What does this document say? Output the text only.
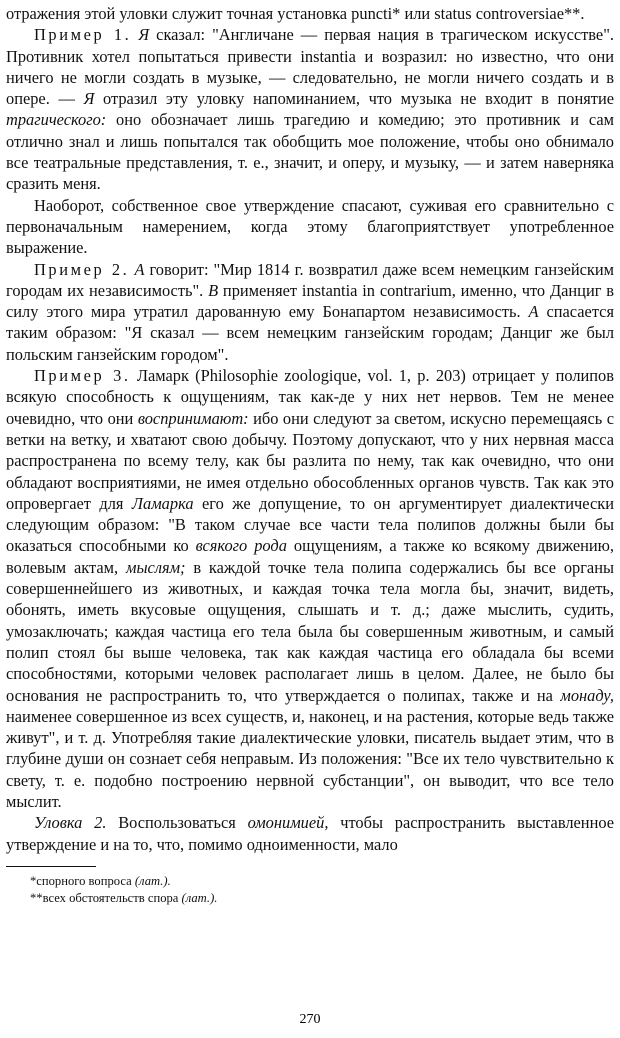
отражения этой уловки служит точная установка puncti* или status controversiae**.

Пример 1. Я сказал: "Англичане — первая нация в трагическом искусстве". Противник хотел попытаться привести instantia и возразил: но известно, что они ничего не могли создать в музыке, — следовательно, не могли ничего создать и в опере. — Я отразил эту уловку напоминанием, что музыка не входит в понятие трагического: оно обозначает лишь трагедию и комедию; это противник и сам отлично знал и лишь попытался так обобщить мое положение, чтобы оно обнимало все театральные представления, т. е., значит, и оперу, и музыку, — и затем наверняка сразить меня.

Наоборот, собственное свое утверждение спасают, суживая его сравнительно с первоначальным намерением, когда этому благоприятствует употребленное выражение.

Пример 2. А говорит: "Мир 1814 г. возвратил даже всем немецким ганзейским городам их независимость". В применяет instantia in contrarium, именно, что Данциг в силу этого мира утратил дарованную ему Бонапартом независимость. А спасается таким образом: "Я сказал — всем немецким ганзейским городам; Данциг же был польским ганзейским городом".

Пример 3. Ламарк (Philosophie zoologique, vol. 1, p. 203) отрицает у полипов всякую способность к ощущениям, так как-де у них нет нервов. Тем не менее очевидно, что они воспринимают: ибо они следуют за светом, искусно перемещаясь с ветки на ветку, и хватают свою добычу. Поэтому допускают, что у них нервная масса распространена по всему телу, как бы разлита по нему, так как очевидно, что они обладают восприятиями, не имея отдельно обособленных органов чувств. Так как это опровергает для Ламарка его же допущение, то он аргументирует диалектически следующим образом: "В таком случае все части тела полипов должны были бы оказаться способными ко всякого рода ощущениям, а также ко всякому движению, волевым актам, мыслям; в каждой точке тела полипа содержались бы все органы совершеннейшего из животных, и каждая точка тела могла бы, значит, видеть, обонять, иметь вкусовые ощущения, слышать и т. д.; даже мыслить, судить, умозаключать; каждая частица его тела была бы совершенным животным, и самый полип стоял бы выше человека, так как каждая частица его обладала бы всеми способностями, которыми человек располагает лишь в целом. Далее, не было бы основания не распространить то, что утверждается о полипах, также и на монаду, наименее совершенное из всех существ, и, наконец, и на растения, которые ведь также живут", и т. д. Употребляя такие диалектические уловки, писатель выдает этим, что в глубине души он сознает себя неправым. Из положения: "Все их тело чувствительно к свету, т. е. подобно построению нервной субстанции", он выводит, что все тело мыслит.

Уловка 2. Воспользоваться омонимией, чтобы распространить выставленное утверждение и на то, что, помимо одноименности, мало

*спорного вопроса (лат.).

**всех обстоятельств спора (лат.).

270
